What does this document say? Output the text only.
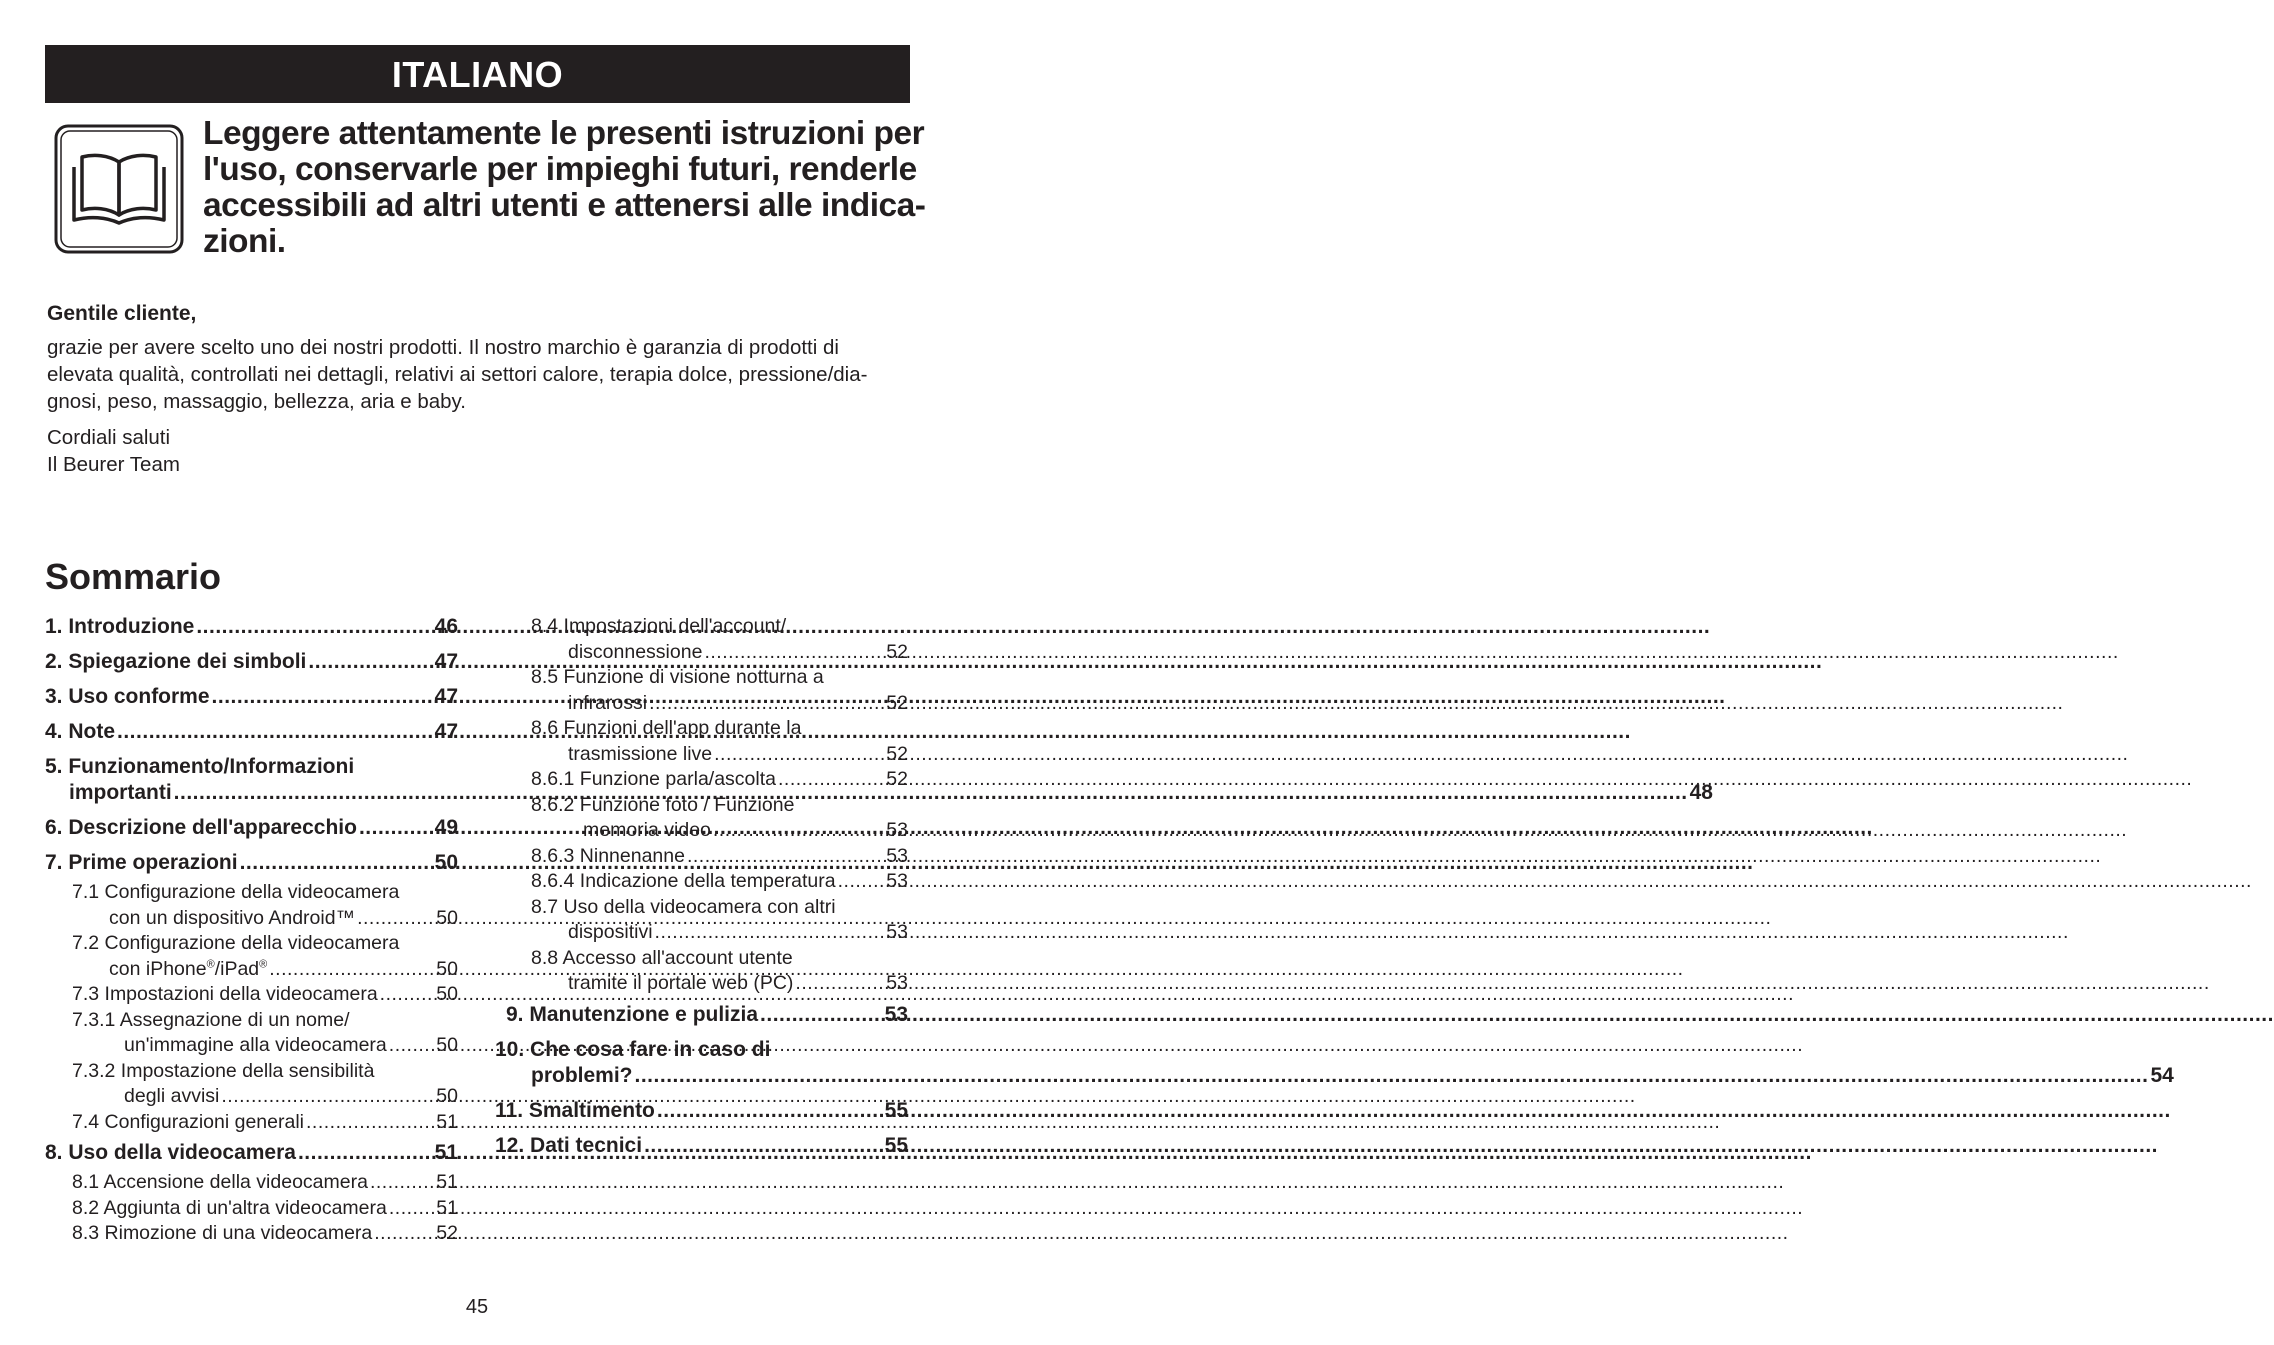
ITALIANO
Leggere attentamente le presenti istruzioni per
l'uso, conservarle per impieghi futuri, renderle
accessibili ad altri utenti e attenersi alle indica-
zioni.
Gentile cliente,
grazie per avere scelto uno dei nostri prodotti. Il nostro marchio è garanzia di prodotti di
elevata qualità, controllati nei dettagli, relativi ai settori calore, terapia dolce, pressione/dia-
gnosi, peso, massaggio, bellezza, aria e baby.
Cordiali saluti
Il Beurer Team
Sommario
1. Introduzione .....	46
2. Spiegazione dei simboli .....	47
3. Uso conforme .....	47
4. Note .....	47
5. Funzionamento/Informazioni
importanti .....	48
6. Descrizione dell'apparecchio .....	49
7. Prime operazioni .....	50
7.1 Configurazione della videocamera
con un dispositivo Android™ .....	50
7.2 Configurazione della videocamera
con iPhone®/iPad® .....	50
7.3 Impostazioni della videocamera .....	50
7.3.1 Assegnazione di un nome/
un'immagine alla videocamera .....	50
7.3.2 Impostazione della sensibilità
degli avvisi .....	50
7.4 Configurazioni generali .....	51
8. Uso della videocamera .....	51
8.1 Accensione della videocamera .....	51
8.2 Aggiunta di un'altra videocamera .....	51
8.3 Rimozione di una videocamera .....	52
8.4 Impostazioni dell'account/
disconnessione .....	52
8.5 Funzione di visione notturna a
infrarossi .....	52
8.6 Funzioni dell'app durante la
trasmissione live .....	52
8.6.1 Funzione parla/ascolta .....	52
8.6.2 Funzione foto / Funzione
memoria video .....	53
8.6.3 Ninnenanne .....	53
8.6.4 Indicazione della temperatura .....	53
8.7 Uso della videocamera con altri
dispositivi .....	53
8.8 Accesso all'account utente
tramite il portale web (PC) .....	53
9. Manutenzione e pulizia .....	53
10. Che cosa fare in caso di
problemi? .....	54
11. Smaltimento .....	55
12. Dati tecnici .....	55
45
